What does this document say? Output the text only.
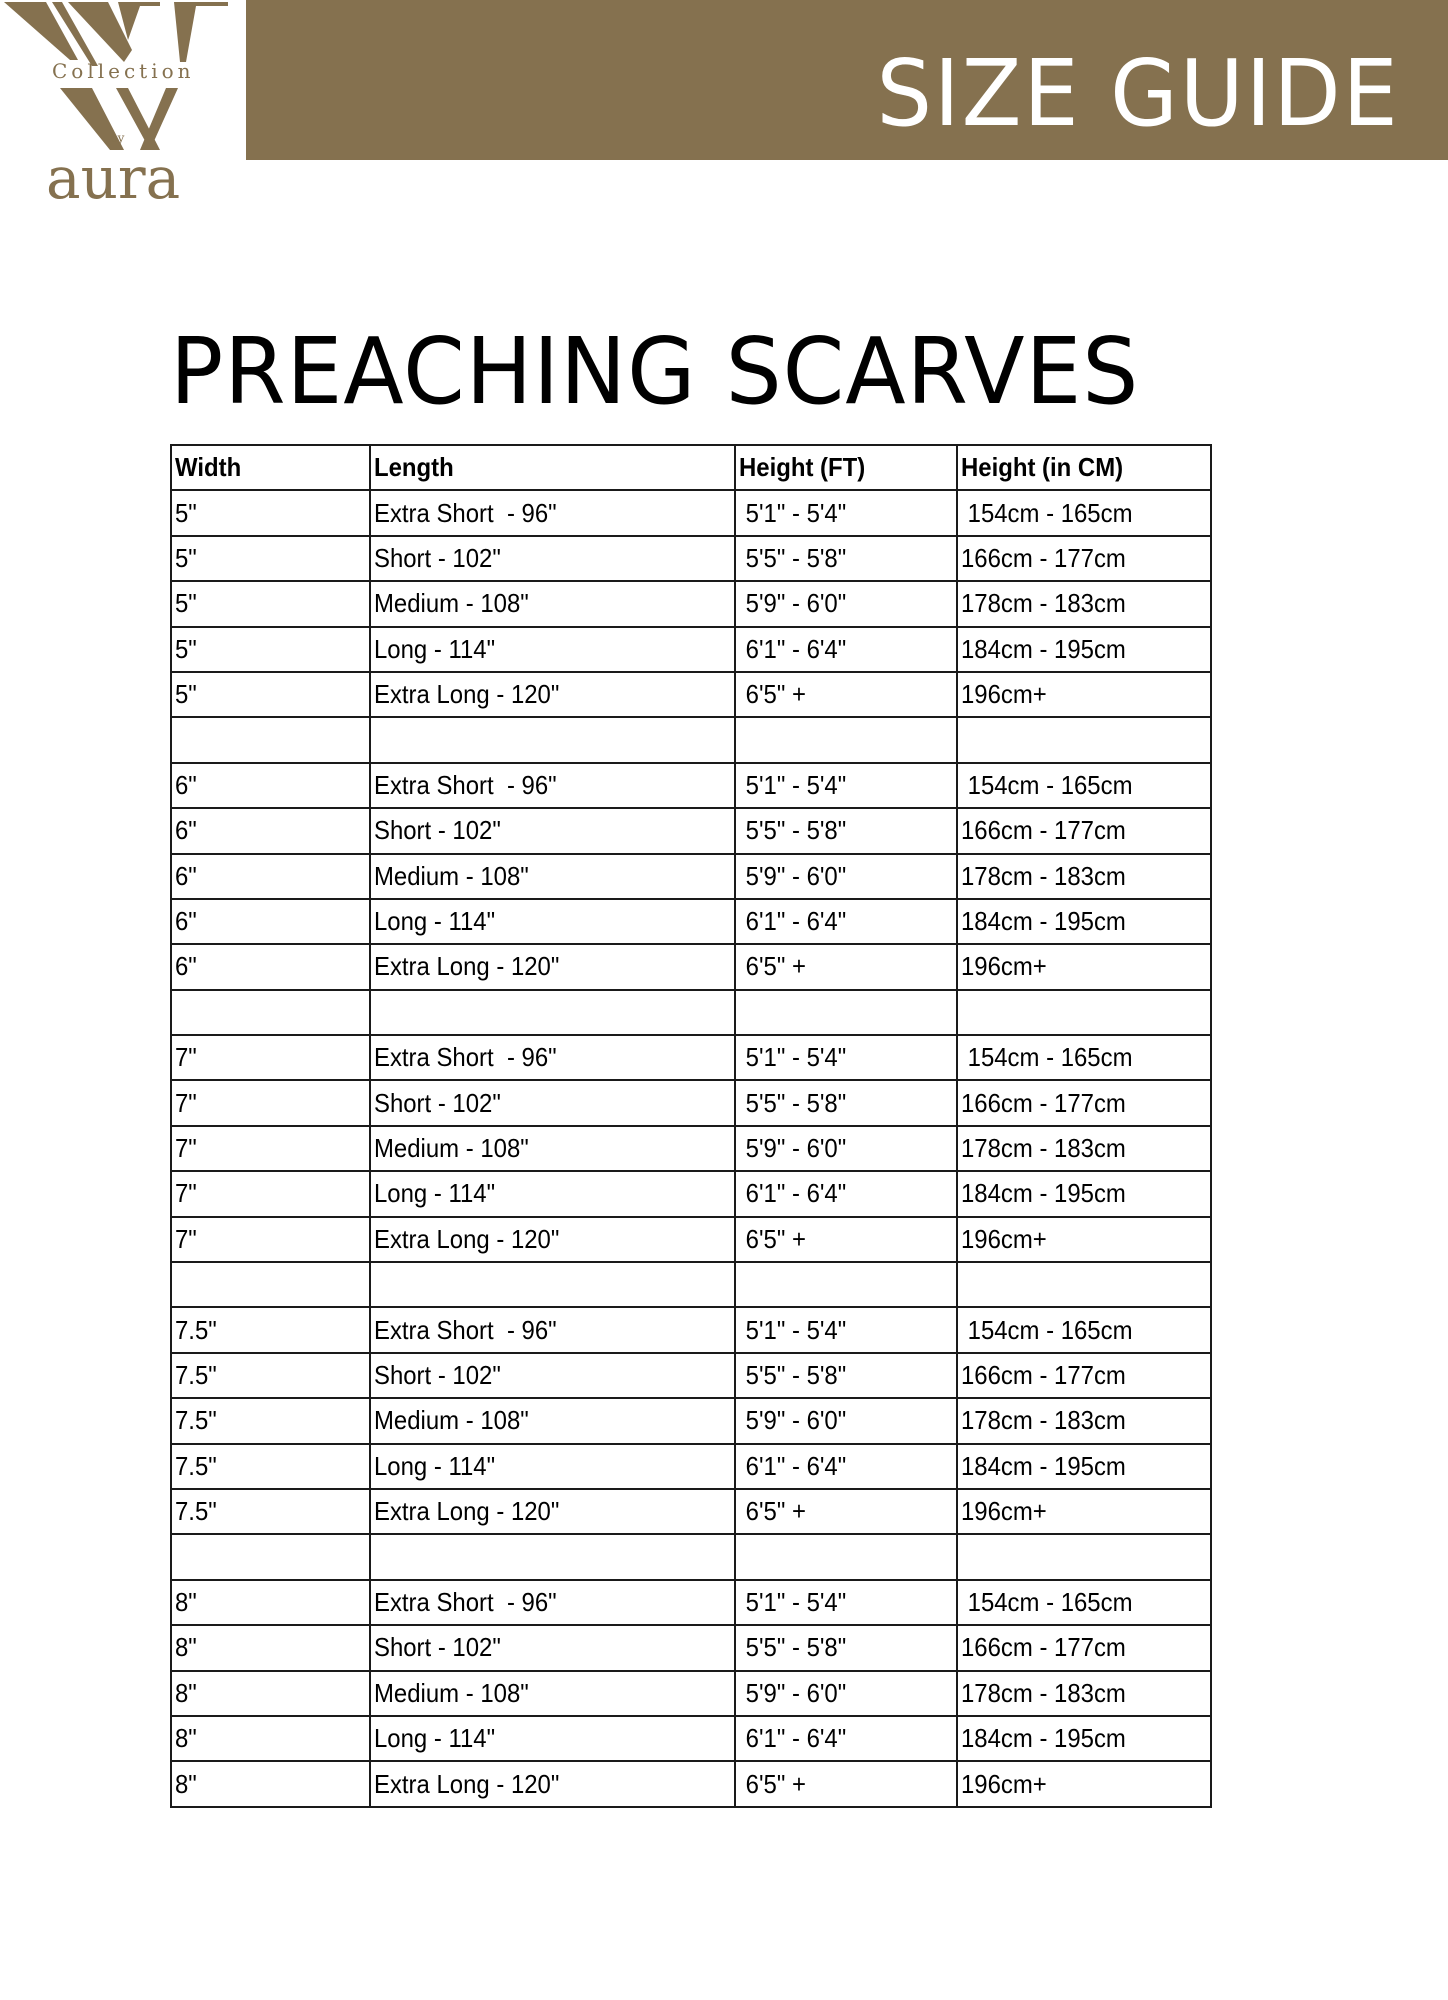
Collection
by
aura
SIZE GUIDE
PREACHING SCARVES
Width	Length	Height (FT)	Height (in CM)
5"	Extra Short  - 96"	5'1" - 5'4"	154cm - 165cm
5"	Short - 102"	5'5" - 5'8"	166cm - 177cm
5"	Medium - 108"	5'9" - 6'0"	178cm - 183cm
5"	Long - 114"	6'1" - 6'4"	184cm - 195cm
5"	Extra Long - 120"	6'5" +	196cm+

6"	Extra Short  - 96"	5'1" - 5'4"	154cm - 165cm
6"	Short - 102"	5'5" - 5'8"	166cm - 177cm
6"	Medium - 108"	5'9" - 6'0"	178cm - 183cm
6"	Long - 114"	6'1" - 6'4"	184cm - 195cm
6"	Extra Long - 120"	6'5" +	196cm+

7"	Extra Short  - 96"	5'1" - 5'4"	154cm - 165cm
7"	Short - 102"	5'5" - 5'8"	166cm - 177cm
7"	Medium - 108"	5'9" - 6'0"	178cm - 183cm
7"	Long - 114"	6'1" - 6'4"	184cm - 195cm
7"	Extra Long - 120"	6'5" +	196cm+

7.5"	Extra Short  - 96"	5'1" - 5'4"	154cm - 165cm
7.5"	Short - 102"	5'5" - 5'8"	166cm - 177cm
7.5"	Medium - 108"	5'9" - 6'0"	178cm - 183cm
7.5"	Long - 114"	6'1" - 6'4"	184cm - 195cm
7.5"	Extra Long - 120"	6'5" +	196cm+

8"	Extra Short  - 96"	5'1" - 5'4"	154cm - 165cm
8"	Short - 102"	5'5" - 5'8"	166cm - 177cm
8"	Medium - 108"	5'9" - 6'0"	178cm - 183cm
8"	Long - 114"	6'1" - 6'4"	184cm - 195cm
8"	Extra Long - 120"	6'5" +	196cm+
